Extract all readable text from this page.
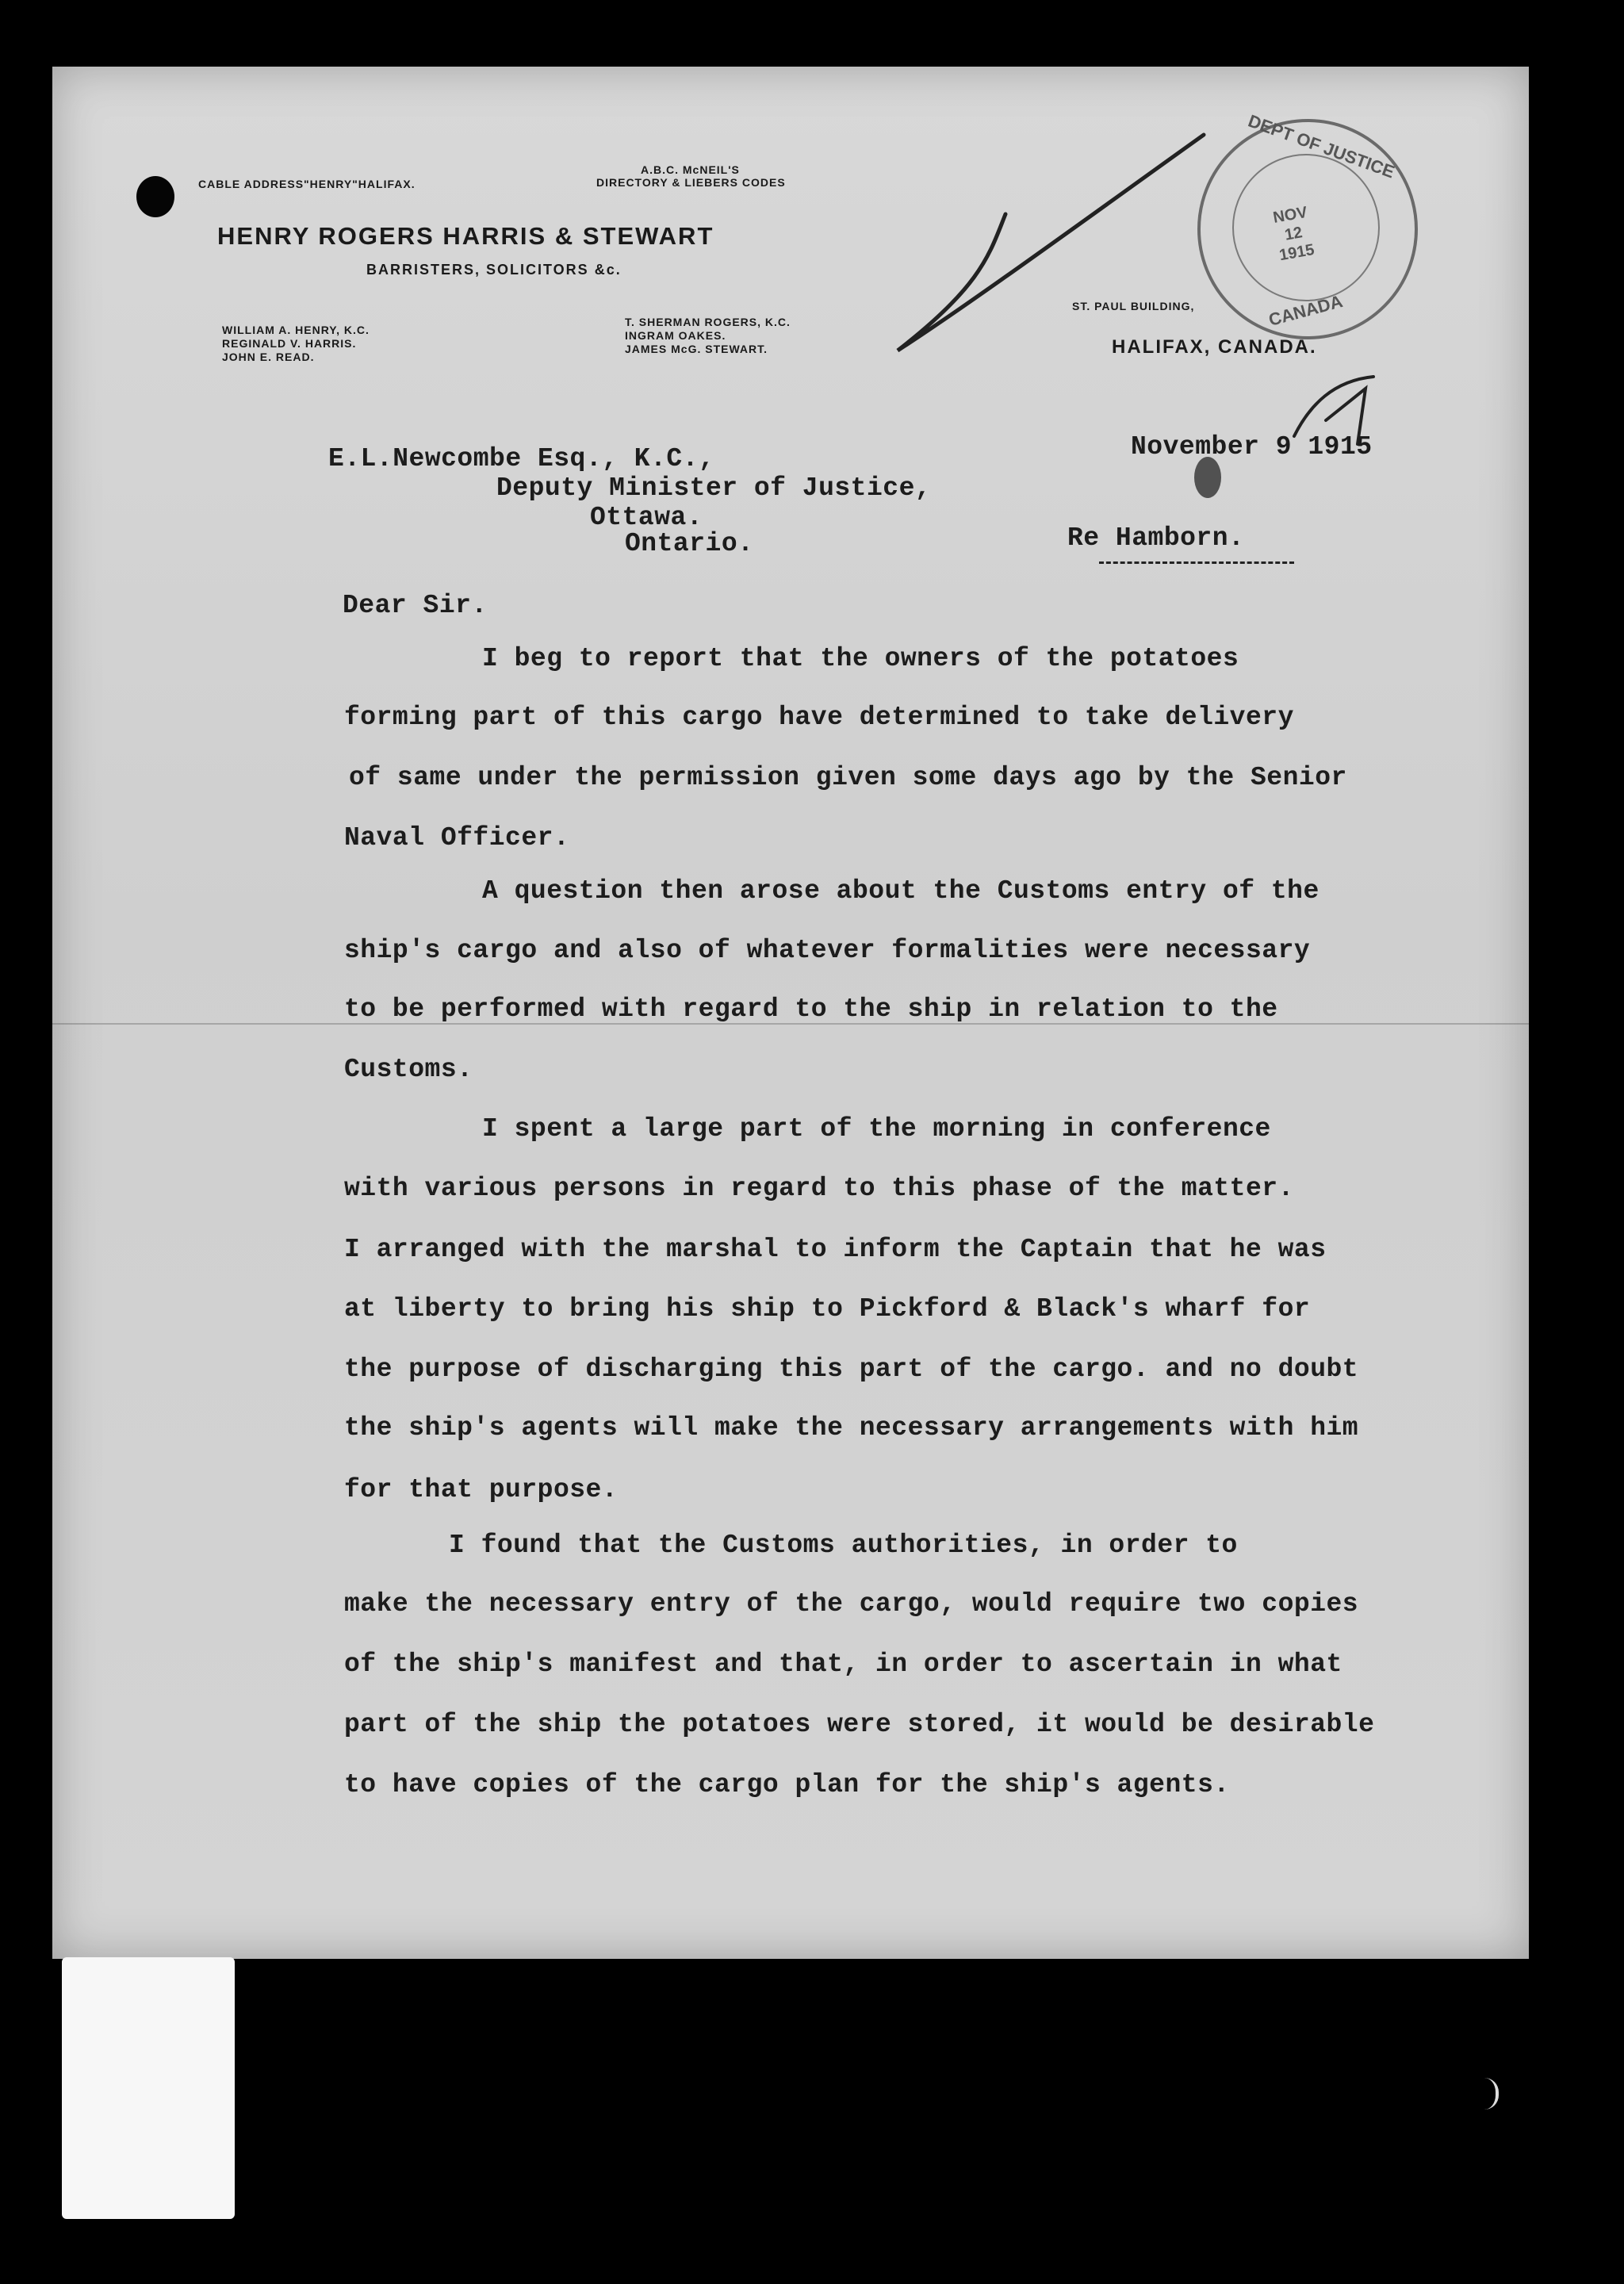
CABLE ADDRESS"HENRY"HALIFAX.
A.B.C. McNEIL'S
DIRECTORY & LIEBERS CODES
HENRY ROGERS HARRIS & STEWART
BARRISTERS, SOLICITORS &c.
WILLIAM A. HENRY, K.C.
REGINALD V. HARRIS.
JOHN E. READ.
T. SHERMAN ROGERS, K.C.
INGRAM OAKES.
JAMES McG. STEWART.
ST. PAUL BUILDING,
HALIFAX, CANADA.
DEPT OF JUSTICE
NOV
12
1915
CANADA
November 9 1915
E.L.Newcombe Esq., K.C.,
Deputy Minister of Justice,
Ottawa.
Ontario.	Re Hamborn.
Dear Sir.
I beg to report that the owners of the potatoes
forming part of this cargo have determined to take delivery
of same under the permission given some days ago by the Senior
Naval Officer.
A question then arose about the Customs entry of the
ship's cargo and also of whatever formalities were necessary
to be performed with regard to the ship in relation to the
Customs.
I spent a large part of the morning in conference
with various persons in regard to this phase of the matter.
I arranged with the marshal to inform the Captain that he was
at liberty to bring his ship to Pickford & Black's wharf for
the purpose of discharging this part of the cargo. and no doubt
the ship's agents will make the necessary arrangements with him
for that purpose.
I found that the Customs authorities, in order to
make the necessary entry of the cargo, would require two copies
of the ship's manifest and that, in order to ascertain in what
part of the ship the potatoes were stored, it would be desirable
to have copies of the cargo plan for the ship's agents.
